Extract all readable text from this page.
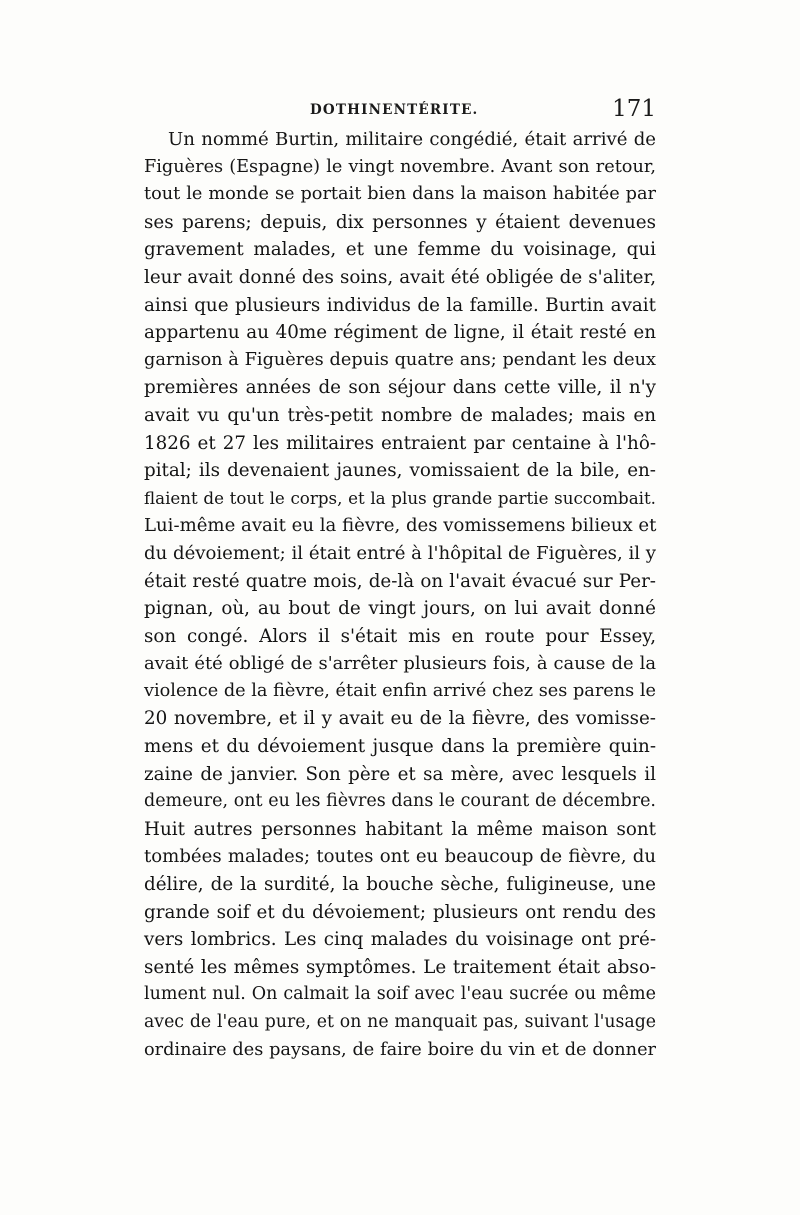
DOTHINENTÉRITE.	171
Un nommé Burtin, militaire congédié, était arrivé de
Figuères (Espagne) le vingt novembre. Avant son retour,
tout le monde se portait bien dans la maison habitée par
ses parens; depuis, dix personnes y étaient devenues
gravement malades, et une femme du voisinage, qui
leur avait donné des soins, avait été obligée de s'aliter,
ainsi que plusieurs individus de la famille. Burtin avait
appartenu au 40me régiment de ligne, il était resté en
garnison à Figuères depuis quatre ans; pendant les deux
premières années de son séjour dans cette ville, il n'y
avait vu qu'un très-petit nombre de malades; mais en
1826 et 27 les militaires entraient par centaine à l'hô-
pital; ils devenaient jaunes, vomissaient de la bile, en-
flaient de tout le corps, et la plus grande partie succombait.
Lui-même avait eu la fièvre, des vomissemens bilieux et
du dévoiement; il était entré à l'hôpital de Figuères, il y
était resté quatre mois, de-là on l'avait évacué sur Per-
pignan, où, au bout de vingt jours, on lui avait donné
son congé. Alors il s'était mis en route pour Essey,
avait été obligé de s'arrêter plusieurs fois, à cause de la
violence de la fièvre, était enfin arrivé chez ses parens le
20 novembre, et il y avait eu de la fièvre, des vomisse-
mens et du dévoiement jusque dans la première quin-
zaine de janvier. Son père et sa mère, avec lesquels il
demeure, ont eu les fièvres dans le courant de décembre.
Huit autres personnes habitant la même maison sont
tombées malades; toutes ont eu beaucoup de fièvre, du
délire, de la surdité, la bouche sèche, fuligineuse, une
grande soif et du dévoiement; plusieurs ont rendu des
vers lombrics. Les cinq malades du voisinage ont pré-
senté les mêmes symptômes. Le traitement était abso-
lument nul. On calmait la soif avec l'eau sucrée ou même
avec de l'eau pure, et on ne manquait pas, suivant l'usage
ordinaire des paysans, de faire boire du vin et de donner
